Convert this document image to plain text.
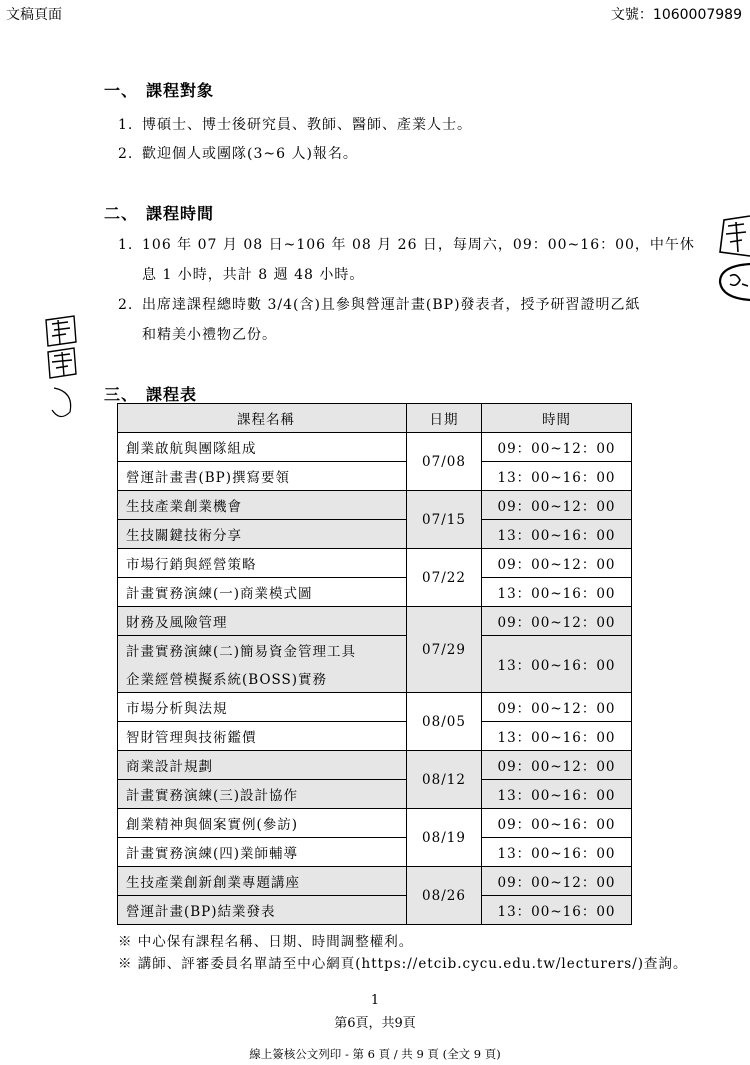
文稿頁面	文號：1060007989
一、 課程對象
1. 博碩士、博士後研究員、教師、醫師、產業人士。
2. 歡迎個人或團隊(3~6 人)報名。
二、 課程時間
1. 106 年 07 月 08 日~106 年 08 月 26 日，每周六，09：00~16：00，中午休
息 1 小時，共計 8 週 48 小時。
2. 出席達課程總時數 3/4(含)且參與營運計畫(BP)發表者，授予研習證明乙紙
和精美小禮物乙份。
三、 課程表
課程名稱	日期	時間
創業啟航與團隊組成	07/08	09：00~12：00
營運計畫書(BP)撰寫要領		13：00~16：00
生技產業創業機會	07/15	09：00~12：00
生技關鍵技術分享		13：00~16：00
市場行銷與經營策略	07/22	09：00~12：00
計畫實務演練(一)商業模式圖		13：00~16：00
財務及風險管理	07/29	09：00~12：00
計畫實務演練(二)簡易資金管理工具		13：00~16：00
企業經營模擬系統(BOSS)實務		
市場分析與法規	08/05	09：00~12：00
智財管理與技術鑑價		13：00~16：00
商業設計規劃	08/12	09：00~12：00
計畫實務演練(三)設計協作		13：00~16：00
創業精神與個案實例(參訪)	08/19	09：00~16：00
計畫實務演練(四)業師輔導		13：00~16：00
生技產業創新創業專題講座	08/26	09：00~12：00
營運計畫(BP)結業發表		13：00~16：00
※ 中心保有課程名稱、日期、時間調整權利。
※ 講師、評審委員名單請至中心網頁(https://etcib.cycu.edu.tw/lecturers/)查詢。
1
第6頁，共9頁
線上簽核公文列印 - 第 6 頁 / 共 9 頁 (全文 9 頁)
